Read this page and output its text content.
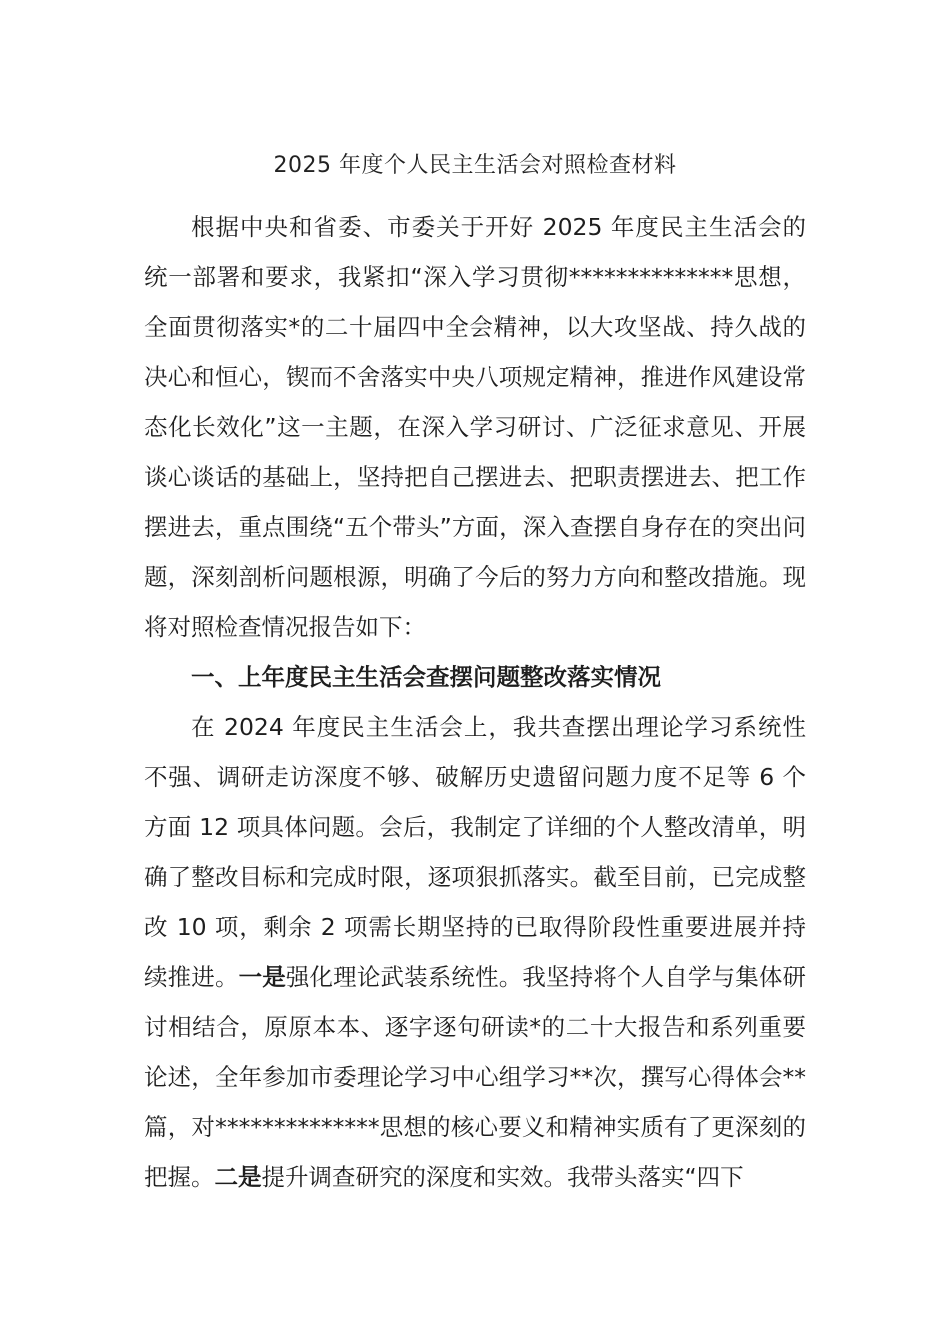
2025 年度个人民主生活会对照检查材料

根据中央和省委、市委关于开好 2025 年度民主生活会的统一部署和要求，我紧扣“深入学习贯彻**************思想，全面贯彻落实*的二十届四中全会精神，以大攻坚战、持久战的决心和恒心，锲而不舍落实中央八项规定精神，推进作风建设常态化长效化”这一主题，在深入学习研讨、广泛征求意见、开展谈心谈话的基础上，坚持把自己摆进去、把职责摆进去、把工作摆进去，重点围绕“五个带头”方面，深入查摆自身存在的突出问题，深刻剖析问题根源，明确了今后的努力方向和整改措施。现将对照检查情况报告如下：

一、上年度民主生活会查摆问题整改落实情况

在 2024 年度民主生活会上，我共查摆出理论学习系统性不强、调研走访深度不够、破解历史遗留问题力度不足等 6 个方面 12 项具体问题。会后，我制定了详细的个人整改清单，明确了整改目标和完成时限，逐项狠抓落实。截至目前，已完成整改 10 项，剩余 2 项需长期坚持的已取得阶段性重要进展并持续推进。一是强化理论武装系统性。我坚持将个人自学与集体研讨相结合，原原本本、逐字逐句研读*的二十大报告和系列重要论述，全年参加市委理论学习中心组学习**次，撰写心得体会**篇，对**************思想的核心要义和精神实质有了更深刻的把握。二是提升调查研究的深度和实效。我带头落实“四下
